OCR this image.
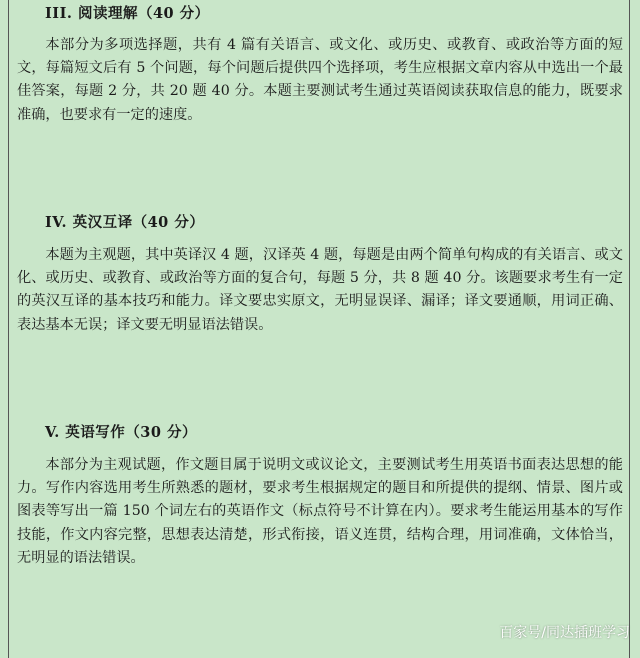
III. 阅读理解（40 分）
本部分为多项选择题，共有 4 篇有关语言、或文化、或历史、或教育、或政治等方面的短文，每篇短文后有 5 个问题，每个问题后提供四个选择项，考生应根据文章内容从中选出一个最佳答案，每题 2 分，共 20 题 40 分。本题主要测试考生通过英语阅读获取信息的能力，既要求准确，也要求有一定的速度。
IV. 英汉互译（40 分）
本题为主观题，其中英译汉 4 题，汉译英 4 题，每题是由两个简单句构成的有关语言、或文化、或历史、或教育、或政治等方面的复合句，每题 5 分，共 8 题 40 分。该题要求考生有一定的英汉互译的基本技巧和能力。译文要忠实原文，无明显误译、漏译；译文要通顺，用词正确、表达基本无误；译文要无明显语法错误。
V. 英语写作（30 分）
本部分为主观试题，作文题目属于说明文或议论文，主要测试考生用英语书面表达思想的能力。写作内容选用考生所熟悉的题材，要求考生根据规定的题目和所提供的提纲、情景、图片或图表等写出一篇 150 个词左右的英语作文（标点符号不计算在内）。要求考生能运用基本的写作技能，作文内容完整，思想表达清楚，形式衔接，语义连贯，结构合理，用词准确，文体恰当，无明显的语法错误。
百家号/同达插班学习
